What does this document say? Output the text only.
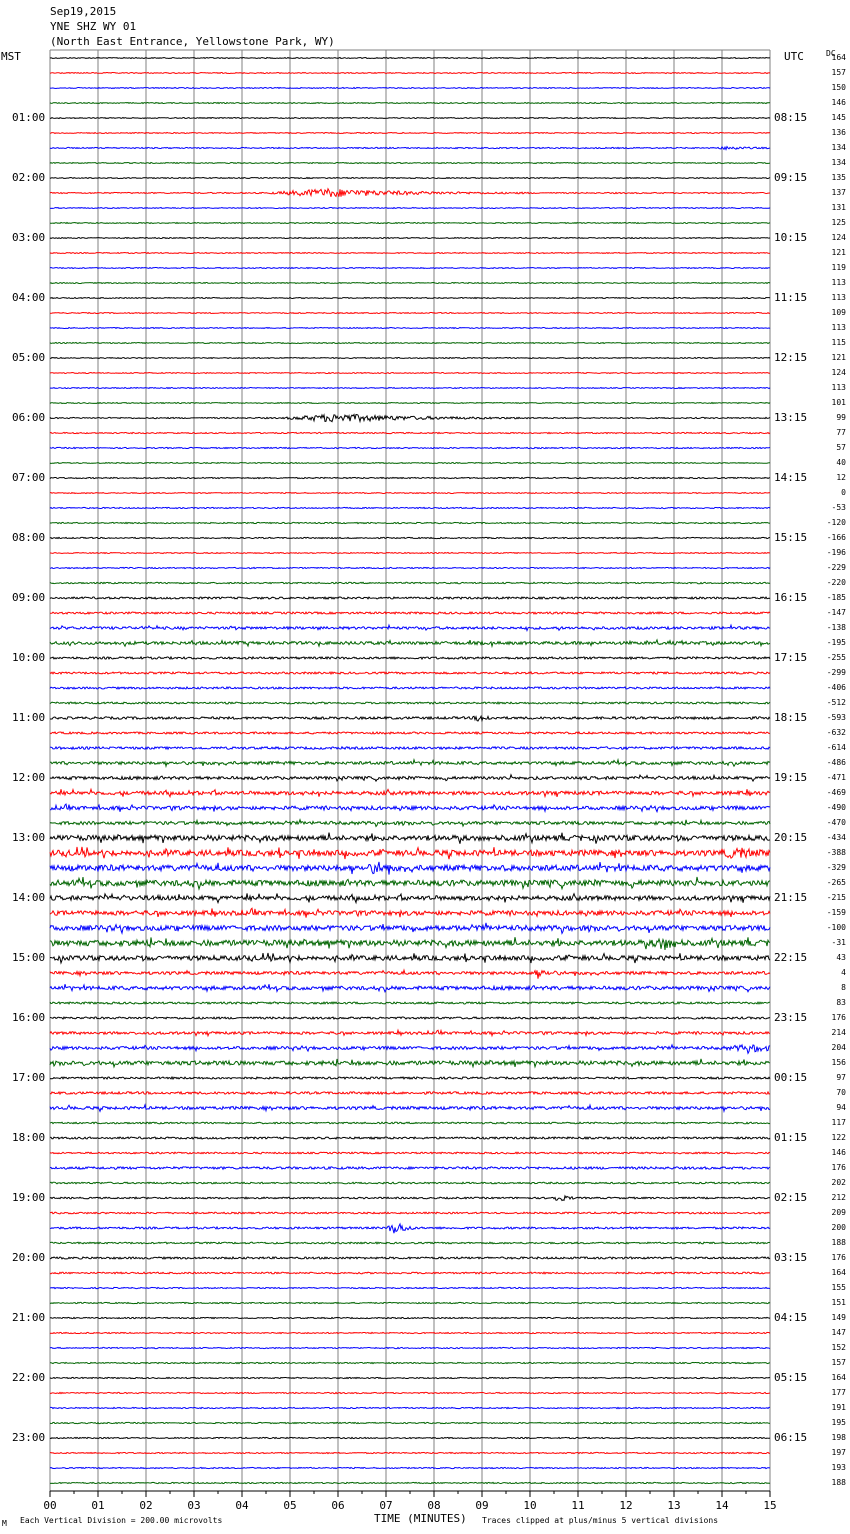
00	01	02	03	04	05	06	07	08	09	10	11	12	13	14	15
Sep19,2015
YNE SHZ WY 01
(North East Entrance, Yellowstone Park, WY)
MST	UTC	DC
164
157
150
146
145
136
134
134
135
137
131
125
124
121
119
113
113
109
113
115
121
124
113
101
99
77
57
40
12
0
-53
-120
-166
-196
-229
-220
-185
-147
-138
-195
-255
-299
-406
-512
-593
-632
-614
-486
-471
-469
-490
-470
-434
-388
-329
-265
-215
-159
-100
-31
43
4
8
83
176
214
204
156
97
70
94
117
122
146
176
202
212
209
200
188
176
164
155
151
149
147
152
157
164
177
191
195
198
197
193
188
01:00	08:15
02:00	09:15
03:00	10:15
04:00	11:15
05:00	12:15
06:00	13:15
07:00	14:15
08:00	15:15
09:00	16:15
10:00	17:15
11:00	18:15
12:00	19:15
13:00	20:15
14:00	21:15
15:00	22:15
16:00	23:15
17:00	00:15
18:00	01:15
19:00	02:15
20:00	03:15
21:00	04:15
22:00	05:15
23:00	06:15
M Each Vertical Division = 200.00 microvolts	TIME (MINUTES) Traces clipped at plus/minus 5 vertical divisions
